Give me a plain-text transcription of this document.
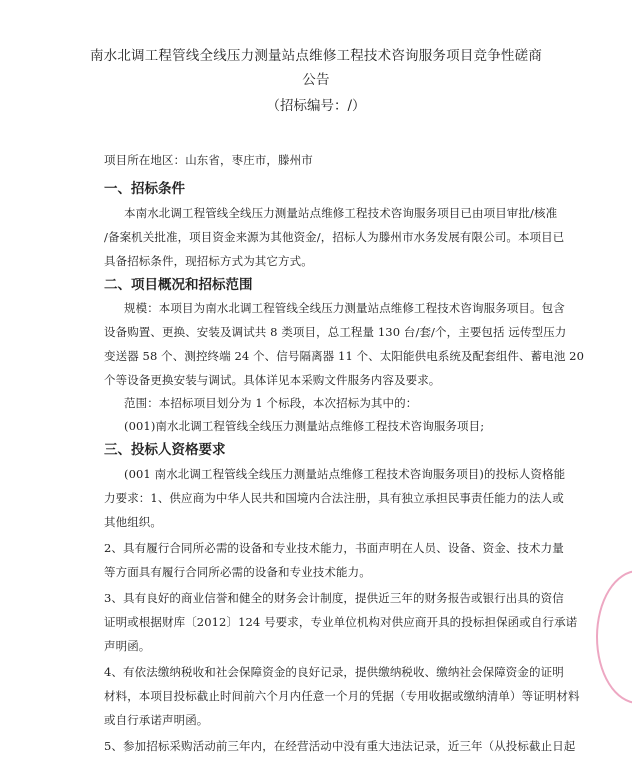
南水北调工程管线全线压力测量站点维修工程技术咨询服务项目竞争性磋商公告
（招标编号：/）
项目所在地区：山东省，枣庄市，滕州市
一、招标条件
本南水北调工程管线全线压力测量站点维修工程技术咨询服务项目已由项目审批/核准
/备案机关批准，项目资金来源为其他资金/，招标人为滕州市水务发展有限公司。本项目已
具备招标条件，现招标方式为其它方式。
二、项目概况和招标范围
规模：本项目为南水北调工程管线全线压力测量站点维修工程技术咨询服务项目。包含
设备购置、更换、安装及调试共 8 类项目，总工程量 130 台/套/个，主要包括 远传型压力
变送器 58 个、测控终端 24 个、信号隔离器 11 个、太阳能供电系统及配套组件、蓄电池 20
个等设备更换安装与调试。具体详见本采购文件服务内容及要求。
范围：本招标项目划分为 1 个标段，本次招标为其中的：
(001)南水北调工程管线全线压力测量站点维修工程技术咨询服务项目;
三、投标人资格要求
(001 南水北调工程管线全线压力测量站点维修工程技术咨询服务项目)的投标人资格能
力要求：1、供应商为中华人民共和国境内合法注册，具有独立承担民事责任能力的法人或
其他组织。
2、具有履行合同所必需的设备和专业技术能力，书面声明在人员、设备、资金、技术力量
等方面具有履行合同所必需的设备和专业技术能力。
3、具有良好的商业信誉和健全的财务会计制度，提供近三年的财务报告或银行出具的资信
证明或根据财库〔2012〕124 号要求，专业单位机构对供应商开具的投标担保函或自行承诺
声明函。
4、有依法缴纳税收和社会保障资金的良好记录，提供缴纳税收、缴纳社会保障资金的证明
材料，本项目投标截止时间前六个月内任意一个月的凭据（专用收据或缴纳清单）等证明材料
或自行承诺声明函。
5、参加招标采购活动前三年内，在经营活动中没有重大违法记录，近三年（从投标截止日起
